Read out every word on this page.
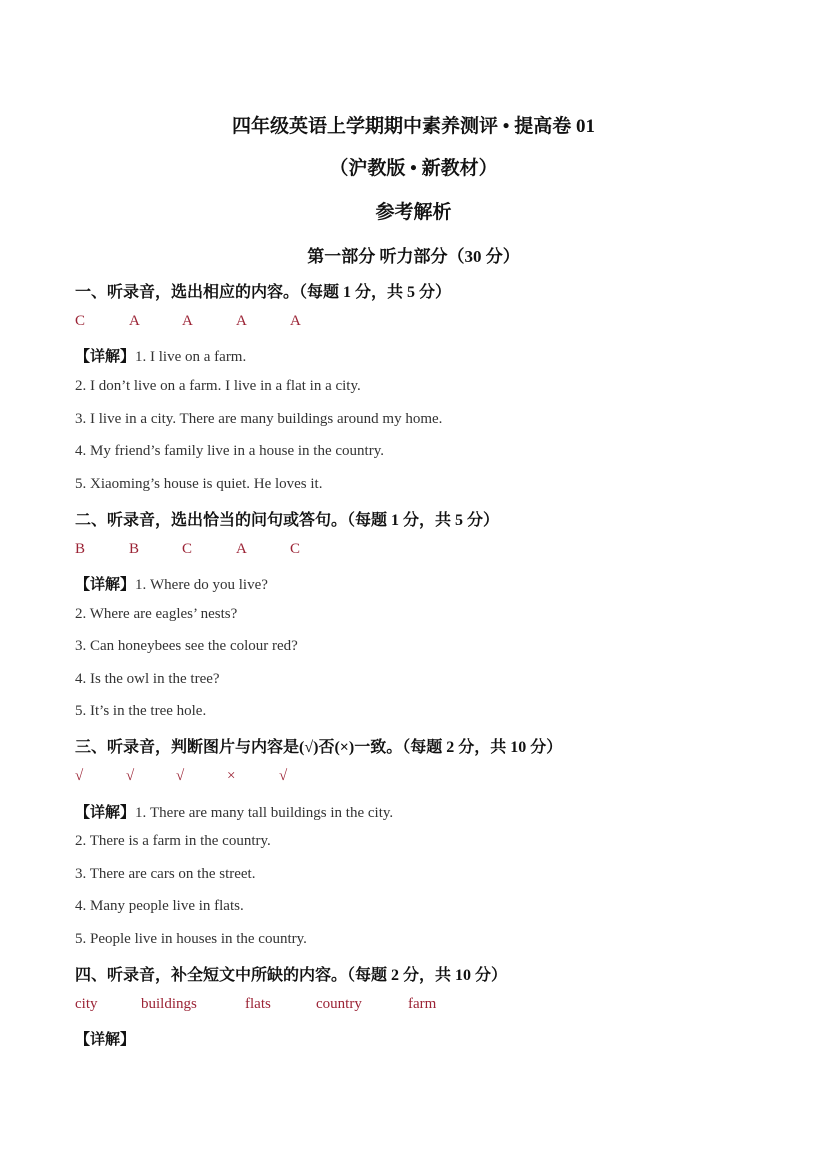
四年级英语上学期期中素养测评 • 提高卷 01
（沪教版 • 新教材）
参考解析
第一部分 听力部分（30 分）
一、听录音，选出相应的内容。（每题 1 分，共 5 分）
C	A	A	A	A
【详解】1. I live on a farm.
2. I don’t live on a farm. I live in a flat in a city.
3. I live in a city. There are many buildings around my home.
4. My friend’s family live in a house in the country.
5. Xiaoming’s house is quiet. He loves it.
二、听录音，选出恰当的问句或答句。（每题 1 分，共 5 分）
B	B	C	A	C
【详解】1. Where do you live?
2. Where are eagles’ nests?
3. Can honeybees see the colour red?
4. Is the owl in the tree?
5. It’s in the tree hole.
三、听录音，判断图片与内容是(√)否(×)一致。（每题 2 分，共 10 分）
√	√	√	×	√
【详解】1. There are many tall buildings in the city.
2. There is a farm in the country.
3. There are cars on the street.
4. Many people live in flats.
5. People live in houses in the country.
四、听录音，补全短文中所缺的内容。（每题 2 分，共 10 分）
city	buildings	flats	country	farm
【详解】
